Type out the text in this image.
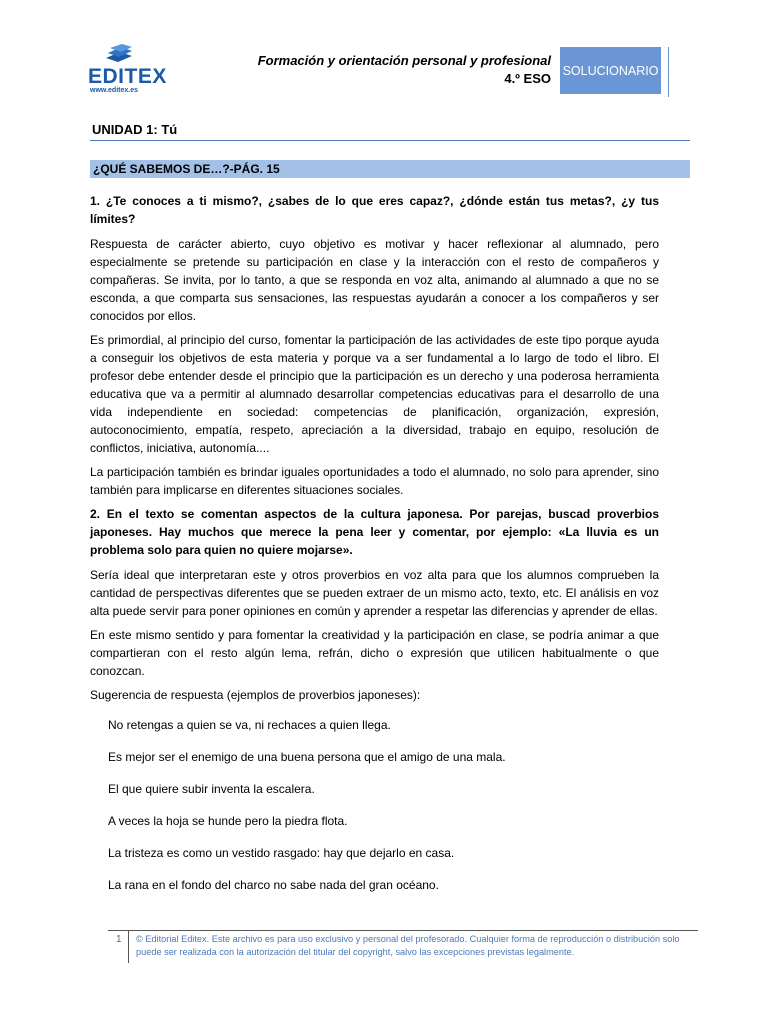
EDITEX
www.editex.es
Formación y orientación personal y profesional
4.º ESO
SOLUCIONARIO
UNIDAD 1: Tú
¿QUÉ SABEMOS DE…?-PÁG. 15

1. ¿Te conoces a ti mismo?, ¿sabes de lo que eres capaz?, ¿dónde están tus metas?, ¿y tus límites?

Respuesta de carácter abierto, cuyo objetivo es motivar y hacer reflexionar al alumnado, pero especialmente se pretende su participación en clase y la interacción con el resto de compañeros y compañeras. Se invita, por lo tanto, a que se responda en voz alta, animando al alumnado a que no se esconda, a que comparta sus sensaciones, las respuestas ayudarán a conocer a los compañeros y ser conocidos por ellos.

Es primordial, al principio del curso, fomentar la participación de las actividades de este tipo porque ayuda a conseguir los objetivos de esta materia y porque va a ser fundamental a lo largo de todo el libro. El profesor debe entender desde el principio que la participación es un derecho y una poderosa herramienta educativa que va a permitir al alumnado desarrollar competencias educativas para el desarrollo de una vida independiente en sociedad: competencias de planificación, organización, expresión, autoconocimiento, empatía, respeto, apreciación a la diversidad, trabajo en equipo, resolución de conflictos, iniciativa, autonomía....

La participación también es brindar iguales oportunidades a todo el alumnado, no solo para aprender, sino también para implicarse en diferentes situaciones sociales.

2. En el texto se comentan aspectos de la cultura japonesa. Por parejas, buscad proverbios japoneses. Hay muchos que merece la pena leer y comentar, por ejemplo: «La lluvia es un problema solo para quien no quiere mojarse».

Sería ideal que interpretaran este y otros proverbios en voz alta para que los alumnos comprueben la cantidad de perspectivas diferentes que se pueden extraer de un mismo acto, texto, etc. El análisis en voz alta puede servir para poner opiniones en común y aprender a respetar las diferencias y aprender de ellas.

En este mismo sentido y para fomentar la creatividad y la participación en clase, se podría animar a que compartieran con el resto algún lema, refrán, dicho o expresión que utilicen habitualmente o que conozcan.

Sugerencia de respuesta (ejemplos de proverbios japoneses):

No retengas a quien se va, ni rechaces a quien llega.
Es mejor ser el enemigo de una buena persona que el amigo de una mala.
El que quiere subir inventa la escalera.
A veces la hoja se hunde pero la piedra flota.
La tristeza es como un vestido rasgado: hay que dejarlo en casa.
La rana en el fondo del charco no sabe nada del gran océano.
1 © Editorial Editex. Este archivo es para uso exclusivo y personal del profesorado. Cualquier forma de reproducción o distribución solo puede ser realizada con la autorización del titular del copyright, salvo las excepciones previstas legalmente.
